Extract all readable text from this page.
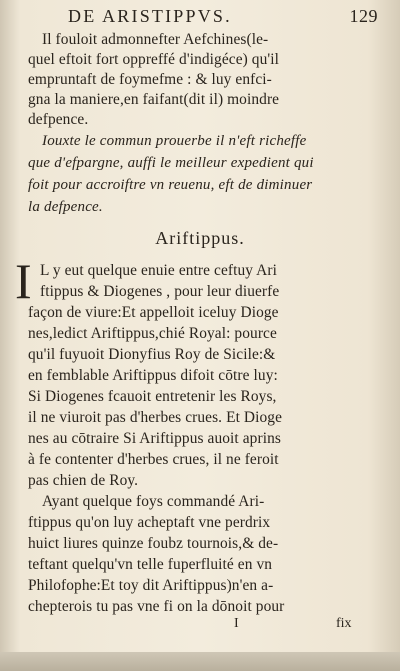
DE ARISTIPPVS.	129
Il fouloit admonnefter Aefchines(le-
quel eftoit fort oppreffé d'indigéce) qu'il
empruntaft de foymefme : & luy enfci-
gna la maniere,en faifant(dit il) moindre
defpence.
Iouxte le commun prouerbe il n'eft richeffe
que d'efpargne, auffi le meilleur expedient qui
foit pour accroiftre vn reuenu, eft de diminuer
la defpence.
Ariftippus.
I L y eut quelque enuie entre ceftuy Ari
ftippus & Diogenes , pour leur diuerfe
façon de viure:Et appelloit iceluy Dioge
nes,ledict Ariftippus,chié Royal: pource
qu'il fuyuoit Dionyfius Roy de Sicile:&
en femblable Ariftippus difoit cōtre luy:
Si Diogenes fcauoit entretenir les Roys,
il ne viuroit pas d'herbes crues. Et Dioge
nes au cōtraire Si Ariftippus auoit aprins
à fe contenter d'herbes crues, il ne feroit
pas chien de Roy.
Ayant quelque foys commandé Ari-
ftippus qu'on luy acheptaft vne perdrix
huict liures quinze foubz tournois,& de-
teftant quelqu'vn telle fuperfluité en vn
Philofophe:Et toy dit Ariftippus)n'en a-
chepterois tu pas vne fi on la dōnoit pour
I	fix
